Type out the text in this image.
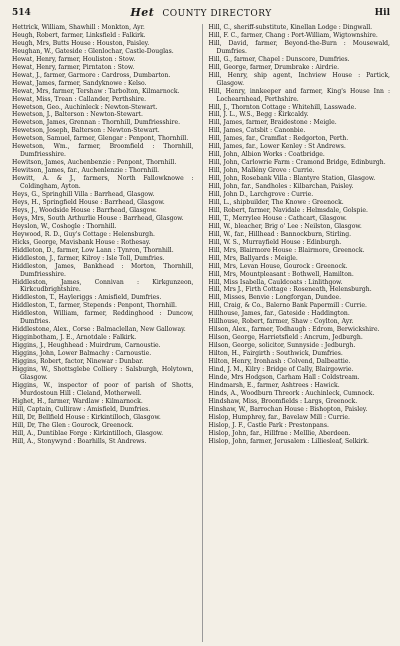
514	Het COUNTY DIRECTORY	Hil

Hettrick, William, Shawhill : Monkton, Ayr.

Heugh, Robert, farmer, Linksfield : Falkirk.

Heugh, Mrs, Butts House : Houston, Paisley.

Heughan, W., Gateside : Glenlochar, Castle-Douglas.

Hewat, Henry, farmer, Houliston : Stow.

Hewat, Henry, farmer, Pirntaton : Stow.

Hewat, J., farmer, Garmore : Cardross, Dumbarton.

Hewat, James, farmer, Sandyknowe : Kelso.

Hewat, Mrs, farmer, Tershaw : Tarbolton, Kilmarnock.

Hewat, Miss, Trean : Callander, Perthshire.

Hewetson, Geo., Auchinleck : Newton-Stewart.

Hewetson, J., Balterson : Newton-Stewart.

Hewetson, James, Grennan : Thornhill, Dumfriesshire.

Hewetson, Joseph, Balterson : Newton-Stewart.

Hewetson, Samuel, farmer, Glengar : Penpont, Thornhill.

Hewetson, Wm., farmer, Broomfield : Thornhill, Dumfriesshire.

Hewitson, James, Auchenbenzie : Penpont, Thornhill.

Hewitson, James, far., Auchenlenzie : Thornhill.

Hewitt, A. & J., farmers, North Fallowknowe : Coldingham, Ayton.

Heys, G., Springhill Villa : Barrhead, Glasgow.

Heys, H., Springfield House : Barrhead, Glasgow.

Heys, J., Woodside House : Barrhead, Glasgow.

Heys, Mrs, South Arthurlie House : Barrhead, Glasgow.

Heyslon, W., Coshogle : Thornhill.

Heywood, R. D., Guy's Cottage : Helensburgh.

Hicks, George, Mavisbank House : Rothesay.

Hiddleton, D., farmer, Low Lann : Tynron, Thornhill.

Hiddleston, J., farmer, Kilroy : Isle Toll, Dumfries.

Hiddleston, James, Bankhead : Morton, Thornhill, Dumfriesshire.

Hiddleston, James, Connivan : Kirkgunzeon, Kirkcudbrightshire.

Hiddleston, T., Hayleriggs : Amisfield, Dumfries.

Hiddleston, T., farmer, Stepends : Penpont, Thornhill.

Hiddleston, William, farmer, Reddinghood : Duncow, Dumfries.

Hiddlestone, Alex., Corse : Balmaclellan, New Galloway.

Higginbotham, J. E., Arnotdale : Falkirk.

Higgins, J., Heughhead : Muirdrum, Carnoustie.

Higgins, John, Lower Balmachy : Carnoustie.

Higgins, Robert, factor, Ninewar : Dunbar.

Higgins, W., Shottsglebe Colliery : Salsburgh, Holytown, Glasgow.

Higgins, W., inspector of poor of parish of Shotts, Murdostoun Hill : Cleland, Motherwell.

Highet, H., farmer, Wardlaw : Kilmarnock.

Hill, Captain, Culliraw : Amisfield, Dumfries.

Hill, Dr, Bellfield House : Kirkintilloch, Glasgow.

Hill, Dr, The Glen : Gourock, Greenock.

Hill, A., Duntiblae Forge : Kirkintilloch, Glasgow.

Hill, A., Stonywynd : Boarhills, St Andrews.

Hill, C., sheriff-substitute, Kinellan Lodge : Dingwall.

Hill, F. C., farmer, Chang : Port-William, Wigtownshire.

Hill, David, farmer, Beyond-the-Burn : Mousewald, Dumfries.

Hill, G., farmer, Chapel : Dunscore, Dumfries.

Hill, George, farmer, Drumbrake : Airdrie.

Hill, Henry, ship agent, Inchview House : Partick, Glasgow.

Hill, Henry, innkeeper and farmer, King's House Inn : Lochearnhead, Perthshire.

Hill, J., Thornton Cottage : Whitehill, Lasswade.

Hill, J. L., W.S., Begg : Kirkcaldy.

Hill, James, farmer, Braidestone : Meigle.

Hill, James, Catsbit : Canonbie.

Hill, James, far., Cramflat : Redgorton, Perth.

Hill, James, far., Lower Kenley : St Andrews.

Hill, John, Albion Works : Coatbridge.

Hill, John, Carlowrie Farm : Cramond Bridge, Edinburgh.

Hill, John, Mallény Grove : Currie.

Hill, John, Rosebank Villa : Blantyre Station, Glasgow.

Hill, John, far., Sandholes : Kilbarchan, Paisley.

Hill, John D., Larchgrove : Currie.

Hill, L., shipbuilder, The Knowe : Greenock.

Hill, Robert, farmer, Navidale : Helmsdale, Golspie.

Hill, T., Merrylee House : Cathcart, Glasgow.

Hill, W., bleacher, Brig o' Lee : Neilston, Glasgow.

Hill, W., far., Hillhead : Bannockburn, Stirling.

Hill, W. S., Murrayfield House : Edinburgh.

Hill, Mrs, Blairmore House : Blairmore, Greenock.

Hill, Mrs, Ballyards : Meigle.

Hill, Mrs, Levan House, Gourock : Greenock.

Hill, Mrs, Mountpleasant : Bothwell, Hamilton.

Hill, Miss Isabella, Cauldcoats : Linlithgow.

Hill, Mrs J., Firth Cottage : Roseneath, Helensburgh.

Hill, Misses, Benvie : Longforgan, Dundee.

Hill, Craig, & Co., Balerno Bank Papermill : Currie.

Hillhouse, James, far., Gateside : Haddington.

Hillhouse, Robert, farmer, Shaw : Coylton, Ayr.

Hilson, Alex., farmer, Todhaugh : Edrom, Berwickshire.

Hilson, George, Harrietsfield : Ancrum, Jedburgh.

Hilson, George, solicitor, Sunnyside : Jedburgh.

Hilton, H., Fairgirth : Southwick, Dumfries.

Hilton, Henry, Ironhash : Colvend, Dalbeattie.

Hind, J. M., Kilry : Bridge of Cally, Blairgowrie.

Hinde, Mrs Hodgson, Carham Hall : Coldstream.

Hindmarsh, E., farmer, Ashtrees : Hawick.

Hinds, A., Woodburn Threork : Auchinleck, Cumnock.

Hindshaw, Miss, Broomfields : Largs, Greenock.

Hinshaw, W., Barrochan House : Bishopton, Paisley.

Hislop, Humphrey, far., Bavelaw Mill : Currie.

Hislop, J. F., Castle Park : Prestonpans.

Hislop, John, far., Hillfrae : Melllie, Aberdeen.

Hislop, John, farmer, Jerusalem : Lilliesleaf, Selkirk.
